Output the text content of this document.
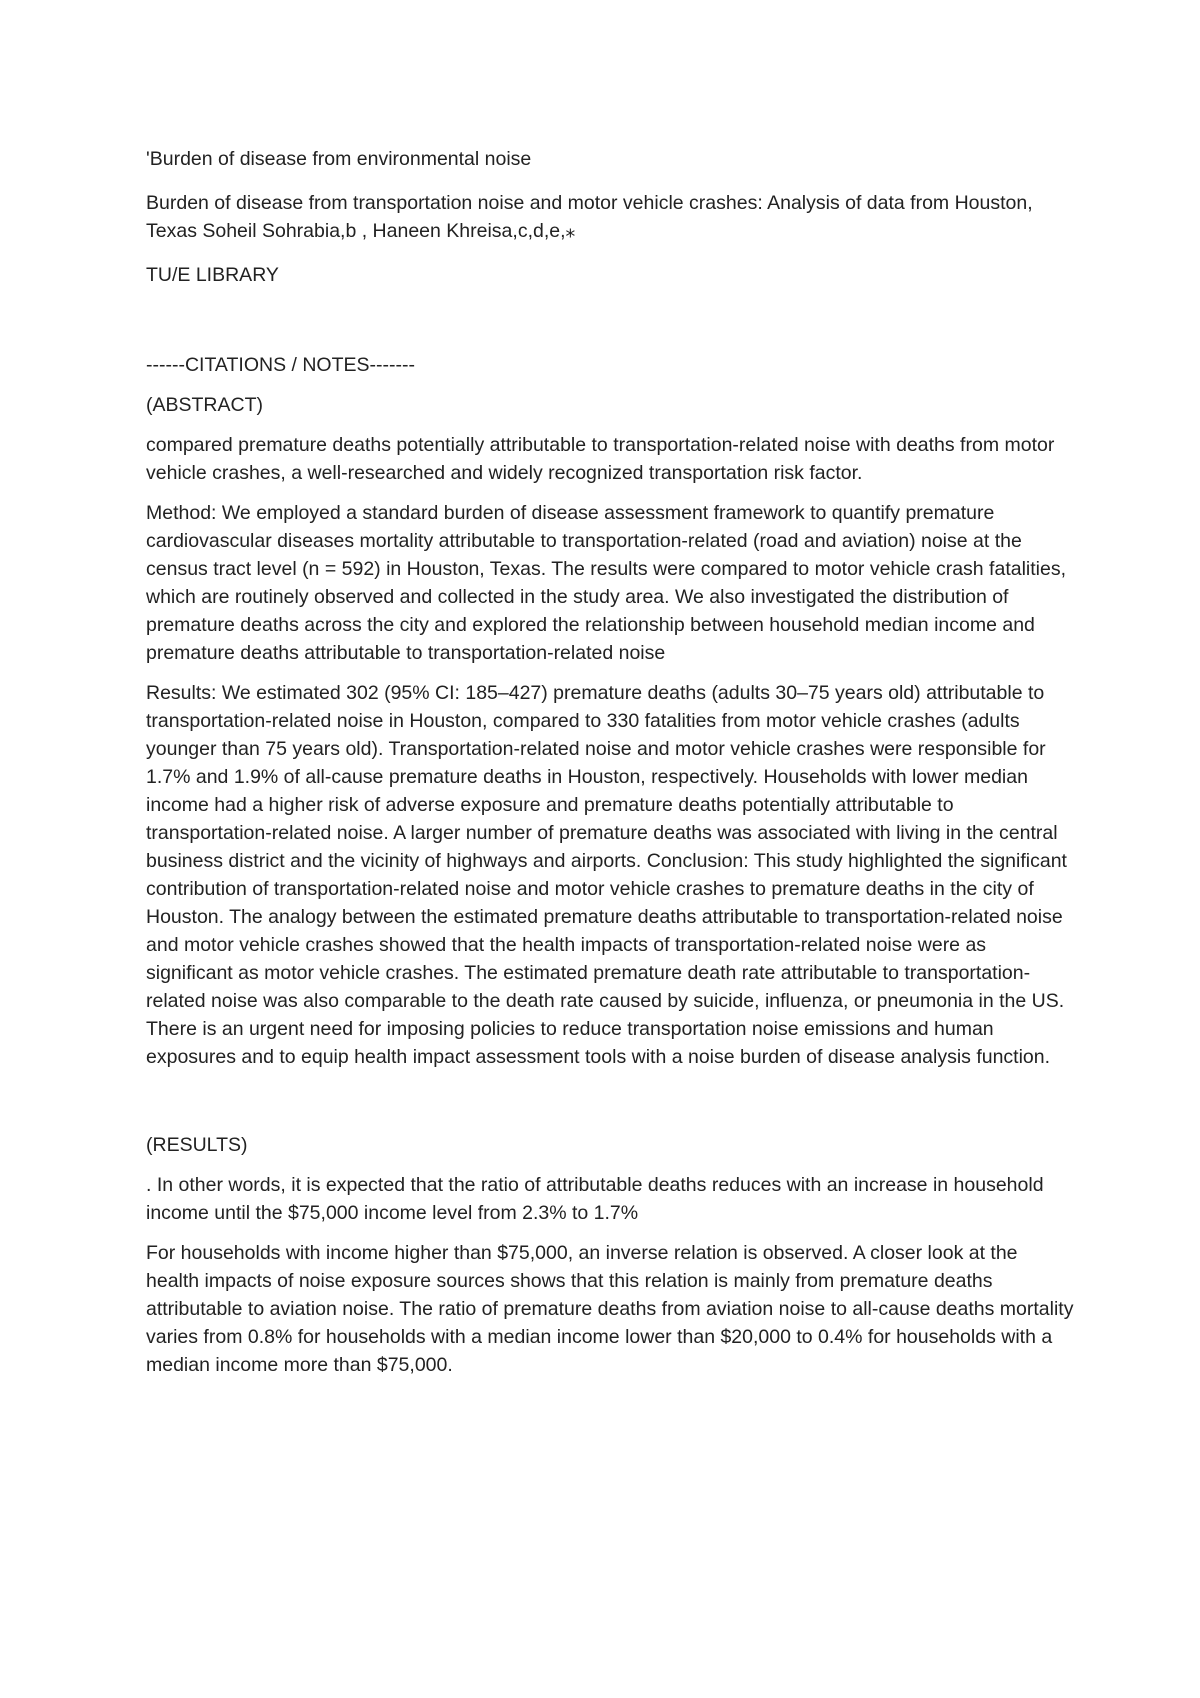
'Burden of disease from environmental noise

Burden of disease from transportation noise and motor vehicle crashes: Analysis of data from Houston, Texas Soheil Sohrabia,b , Haneen Khreisa,c,d,e,⁎

TU/E LIBRARY

------CITATIONS / NOTES-------

(ABSTRACT)

compared premature deaths potentially attributable to transportation-related noise with deaths from motor vehicle crashes, a well-researched and widely recognized transportation risk factor.

Method: We employed a standard burden of disease assessment framework to quantify premature cardiovascular diseases mortality attributable to transportation-related (road and aviation) noise at the census tract level (n = 592) in Houston, Texas. The results were compared to motor vehicle crash fatalities, which are routinely observed and collected in the study area. We also investigated the distribution of premature deaths across the city and explored the relationship between household median income and premature deaths attributable to transportation-related noise

Results: We estimated 302 (95% CI: 185–427) premature deaths (adults 30–75 years old) attributable to transportation-related noise in Houston, compared to 330 fatalities from motor vehicle crashes (adults younger than 75 years old). Transportation-related noise and motor vehicle crashes were responsible for 1.7% and 1.9% of all-cause premature deaths in Houston, respectively. Households with lower median income had a higher risk of adverse exposure and premature deaths potentially attributable to transportation-related noise. A larger number of premature deaths was associated with living in the central business district and the vicinity of highways and airports. Conclusion: This study highlighted the significant contribution of transportation-related noise and motor vehicle crashes to premature deaths in the city of Houston. The analogy between the estimated premature deaths attributable to transportation-related noise and motor vehicle crashes showed that the health impacts of transportation-related noise were as significant as motor vehicle crashes. The estimated premature death rate attributable to transportation-related noise was also comparable to the death rate caused by suicide, influenza, or pneumonia in the US. There is an urgent need for imposing policies to reduce transportation noise emissions and human exposures and to equip health impact assessment tools with a noise burden of disease analysis function.

(RESULTS)

. In other words, it is expected that the ratio of attributable deaths reduces with an increase in household income until the $75,000 income level from 2.3% to 1.7%

For households with income higher than $75,000, an inverse relation is observed. A closer look at the health impacts of noise exposure sources shows that this relation is mainly from premature deaths attributable to aviation noise. The ratio of premature deaths from aviation noise to all-cause deaths mortality varies from 0.8% for households with a median income lower than $20,000 to 0.4% for households with a median income more than $75,000.
